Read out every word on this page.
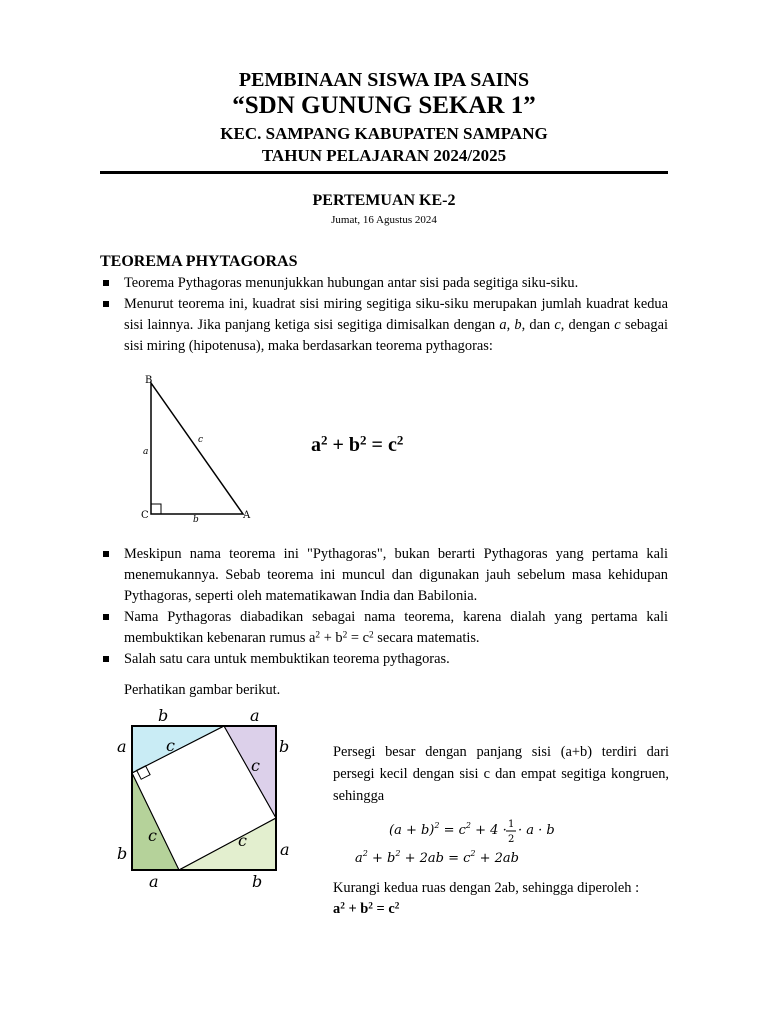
PEMBINAAN SISWA IPA SAINS
“SDN GUNUNG SEKAR 1”
KEC. SAMPANG KABUPATEN SAMPANG
TAHUN PELAJARAN 2024/2025
PERTEMUAN KE-2
Jumat, 16 Agustus 2024
TEOREMA PHYTAGORAS
Teorema Pythagoras menunjukkan hubungan antar sisi pada segitiga siku-siku.
Menurut teorema ini, kuadrat sisi miring segitiga siku-siku merupakan jumlah kuadrat kedua sisi lainnya. Jika panjang ketiga sisi segitiga dimisalkan dengan a, b, dan c, dengan c sebagai sisi miring (hipotenusa), maka berdasarkan teorema pythagoras:
B
C	A
a
b
c	$a^2 + b^2 = c^2$
Meskipun nama teorema ini "Pythagoras", bukan berarti Pythagoras yang pertama kali menemukannya. Sebab teorema ini muncul dan digunakan jauh sebelum masa kehidupan Pythagoras, seperti oleh matematikawan India dan Babilonia.
Nama Pythagoras diabadikan sebagai nama teorema, karena dialah yang pertama kali membuktikan kebenaran rumus $a^2 + b^2 = c^2$ secara matematis.
Salah satu cara untuk membuktikan teorema pythagoras.
Perhatikan gambar berikut.
b	a
b
a
a	b
a
b
c
c
c
c
Persegi besar dengan panjang sisi (a+b) terdiri dari persegi kecil dengan sisi c dan empat segitiga kongruen, sehingga
$(a + b)^2 = c^2 + 4 \cdot 1$
2
· a · b
$a^2 + b^2 + 2ab = c^2 + 2ab$
Kurangi kedua ruas dengan 2ab, sehingga diperoleh :
$a^2 + b^2 = c^2$
